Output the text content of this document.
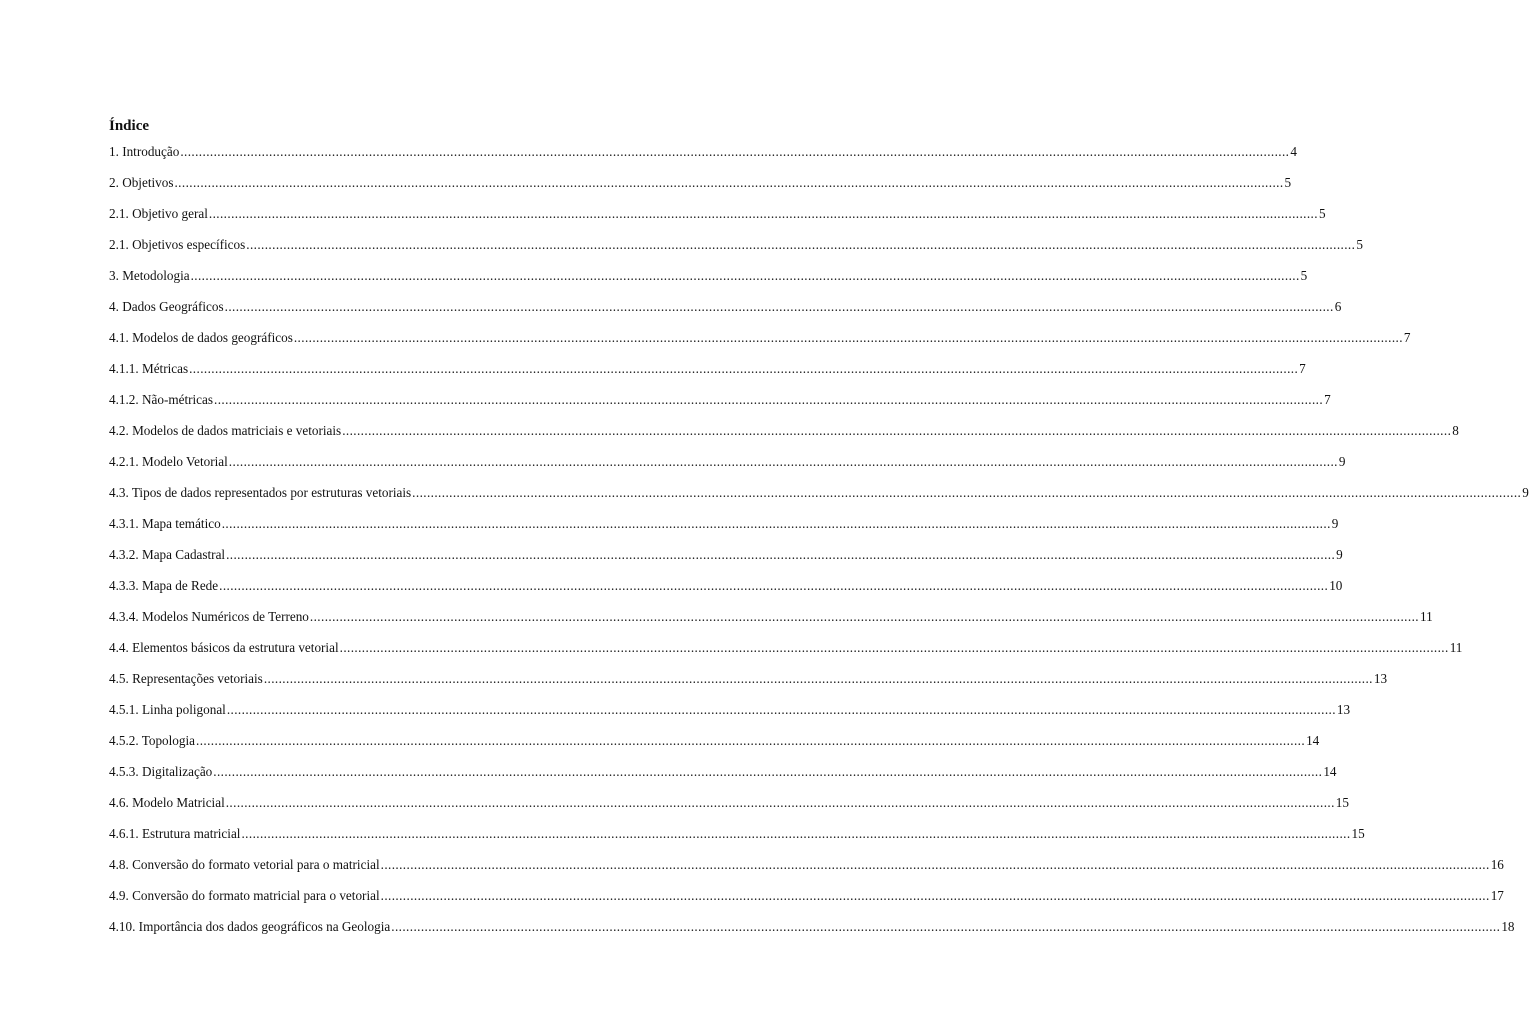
Índice
1. Introdução ............................................................................................................................................................................................................................................................................................................ 4
2. Objetivos ............................................................................................................................................................................................................................................................................................................ 5
2.1. Objetivo geral ............................................................................................................................................................................................................................................................................................................ 5
2.1. Objetivos específicos ............................................................................................................................................................................................................................................................................................................ 5
3. Metodologia ............................................................................................................................................................................................................................................................................................................ 5
4. Dados Geográficos ............................................................................................................................................................................................................................................................................................................ 6
4.1. Modelos de dados geográficos ............................................................................................................................................................................................................................................................................................................ 7
4.1.1. Métricas ............................................................................................................................................................................................................................................................................................................ 7
4.1.2. Não-métricas ............................................................................................................................................................................................................................................................................................................ 7
4.2. Modelos de dados matriciais e vetoriais ............................................................................................................................................................................................................................................................................................................ 8
4.2.1. Modelo Vetorial ............................................................................................................................................................................................................................................................................................................ 9
4.3. Tipos de dados representados por estruturas vetoriais ............................................................................................................................................................................................................................................................................................................ 9
4.3.1. Mapa temático ............................................................................................................................................................................................................................................................................................................ 9
4.3.2. Mapa Cadastral ............................................................................................................................................................................................................................................................................................................ 9
4.3.3. Mapa de Rede ............................................................................................................................................................................................................................................................................................................ 10
4.3.4. Modelos Numéricos de Terreno ............................................................................................................................................................................................................................................................................................................ 11
4.4. Elementos básicos da estrutura vetorial ............................................................................................................................................................................................................................................................................................................ 11
4.5. Representações vetoriais ............................................................................................................................................................................................................................................................................................................ 13
4.5.1. Linha poligonal ............................................................................................................................................................................................................................................................................................................ 13
4.5.2. Topologia ............................................................................................................................................................................................................................................................................................................ 14
4.5.3. Digitalização ............................................................................................................................................................................................................................................................................................................ 14
4.6. Modelo Matricial ............................................................................................................................................................................................................................................................................................................ 15
4.6.1. Estrutura matricial ............................................................................................................................................................................................................................................................................................................ 15
4.8. Conversão do formato vetorial para o matricial ............................................................................................................................................................................................................................................................................................................ 16
4.9. Conversão do formato matricial para o vetorial ............................................................................................................................................................................................................................................................................................................ 17
4.10. Importância dos dados geográficos na Geologia ............................................................................................................................................................................................................................................................................................................ 18
